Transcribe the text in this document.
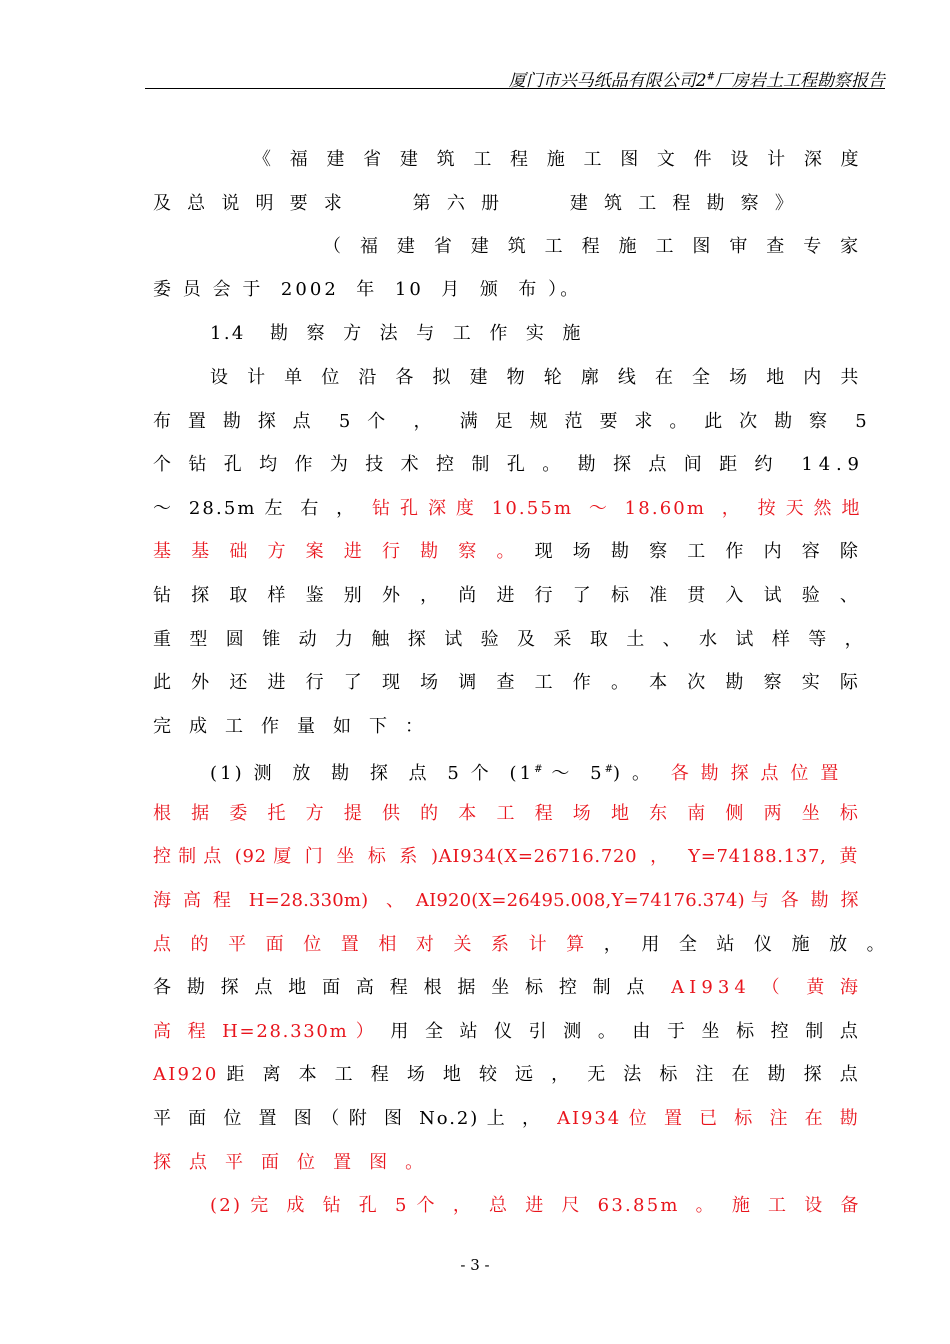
厦门市兴马纸品有限公司2#厂房岩土工程勘察报告
《 福 建 省 建 筑 工 程 施 工 图 文 件 设 计 深 度
及 总 说 明 要 求      第 六 册      建 筑 工 程 勘 察 》
（ 福 建 省 建 筑 工 程 施 工 图 审 查 专 家
委 员 会 于  2002  年  10  月  颁  布 ）。
1.4   勘  察  方  法  与  工  作  实  施
设 计 单 位 沿 各 拟 建 物 轮 廓 线 在 全 场 地 内 共
布 置 勘 探 点  5 个  ，  满 足 规 范 要 求 。 此 次 勘 察  5
个 钻 孔 均 作 为 技 术 控 制 孔 。 勘 探 点 间 距 约  14.9
～  28.5m 左  右  ，  钻 孔 深 度  10.55m  ～  18.60m  ，  按 天 然 地
基 基 础 方 案 进 行 勘 察 。 现 场 勘 察 工 作 内 容 除
钻 探 取 样 鉴 别 外 ， 尚 进 行 了 标 准 贯 入 试 验 、
重 型 圆 锥 动 力 触 探 试 验 及 采 取 土 、 水 试 样 等 ，
此 外 还 进 行 了 现 场 调 查 工 作 。 本 次 勘 察 实 际
完 成 工 作 量 如 下 ：
(1) 测  放  勘  探  点  5 个  (1# ～  5#) 。  各 勘 探 点 位 置
根 据 委 托 方 提 供 的 本 工 程 场 地 东 南 侧 两 坐 标
控 制 点  (92 厦  门  坐  标  系  )AI934(X=26716.720  ，   Y=74188.137,  黄
海  高  程   H=28.330m)   、  AI920(X=26495.008,Y=74176.374) 与  各  勘  探
点 的 平 面 位 置 相 对 关 系 计 算 ， 用 全 站 仪 施 放 。
各 勘 探 点 地 面 高 程 根 据 坐 标 控 制 点  AI934 （  黄 海
高  程  H=28.330m ）  用  全  站  仪  引  测  。  由  于  坐  标  控  制  点
AI920 距  离  本  工  程  场  地  较  远  ，  无  法  标  注  在  勘  探  点
平  面  位  置  图 （ 附  图  No.2) 上  ，  AI934 位  置  已  标  注  在  勘
探  点  平  面  位  置  图  。
(2) 完  成  钻  孔  5 个  ，  总  进  尺  63.85m  。  施  工  设  备
- 3 -
